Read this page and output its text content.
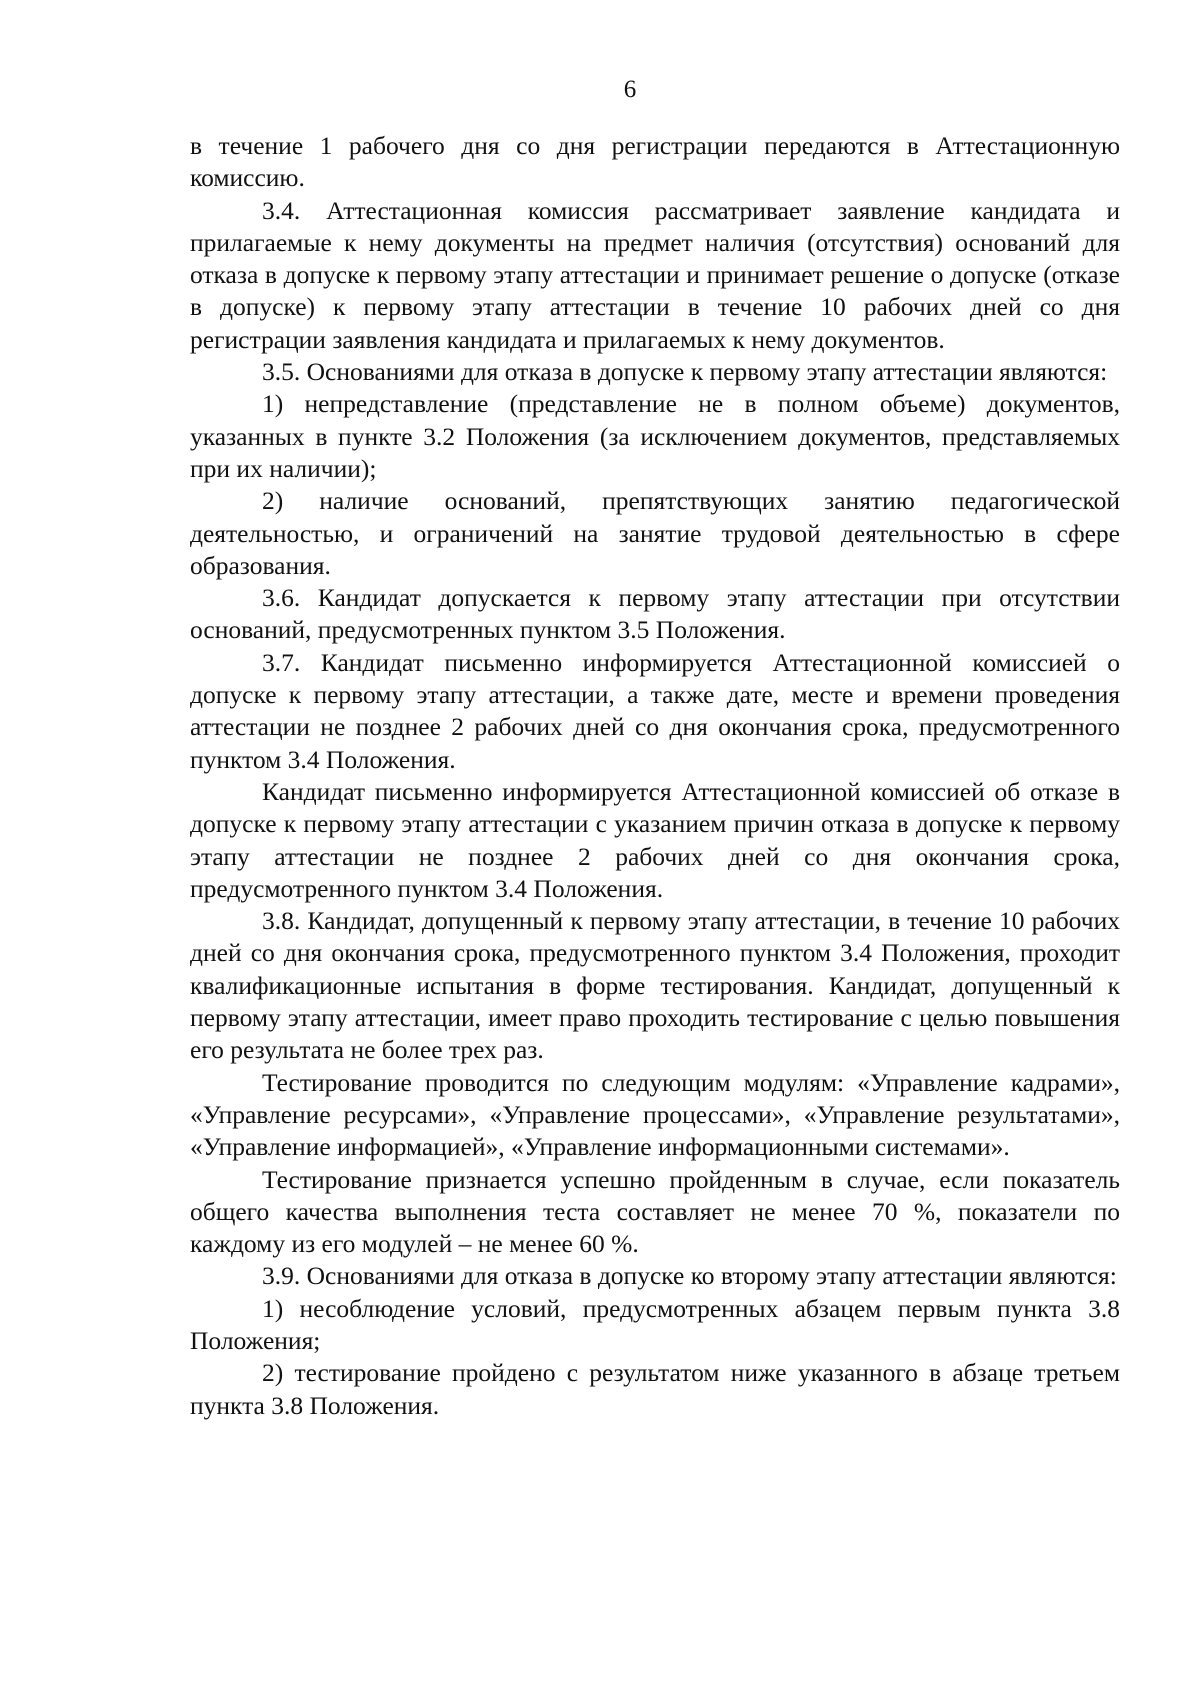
6

в течение 1 рабочего дня со дня регистрации передаются в Аттестационную комиссию.

3.4. Аттестационная комиссия рассматривает заявление кандидата и прилагаемые к нему документы на предмет наличия (отсутствия) оснований для отказа в допуске к первому этапу аттестации и принимает решение о допуске (отказе в допуске) к первому этапу аттестации в течение 10 рабочих дней со дня регистрации заявления кандидата и прилагаемых к нему документов.

3.5. Основаниями для отказа в допуске к первому этапу аттестации являются:

1) непредставление (представление не в полном объеме) документов, указанных в пункте 3.2 Положения (за исключением документов, представляемых при их наличии);

2) наличие оснований, препятствующих занятию педагогической деятельностью, и ограничений на занятие трудовой деятельностью в сфере образования.

3.6. Кандидат допускается к первому этапу аттестации при отсутствии оснований, предусмотренных пунктом 3.5 Положения.

3.7. Кандидат письменно информируется Аттестационной комиссией о допуске к первому этапу аттестации, а также дате, месте и времени проведения аттестации не позднее 2 рабочих дней со дня окончания срока, предусмотренного пунктом 3.4 Положения.

Кандидат письменно информируется Аттестационной комиссией об отказе в допуске к первому этапу аттестации с указанием причин отказа в допуске к первому этапу аттестации не позднее 2 рабочих дней со дня окончания срока, предусмотренного пунктом 3.4 Положения.

3.8. Кандидат, допущенный к первому этапу аттестации, в течение 10 рабочих дней со дня окончания срока, предусмотренного пунктом 3.4 Положения, проходит квалификационные испытания в форме тестирования. Кандидат, допущенный к первому этапу аттестации, имеет право проходить тестирование с целью повышения его результата не более трех раз.

Тестирование проводится по следующим модулям: «Управление кадрами», «Управление ресурсами», «Управление процессами», «Управление результатами», «Управление информацией», «Управление информационными системами».

Тестирование признается успешно пройденным в случае, если показатель общего качества выполнения теста составляет не менее 70 %, показатели по каждому из его модулей – не менее 60 %.

3.9. Основаниями для отказа в допуске ко второму этапу аттестации являются:

1) несоблюдение условий, предусмотренных абзацем первым пункта 3.8 Положения;

2) тестирование пройдено с результатом ниже указанного в абзаце третьем пункта 3.8 Положения.
